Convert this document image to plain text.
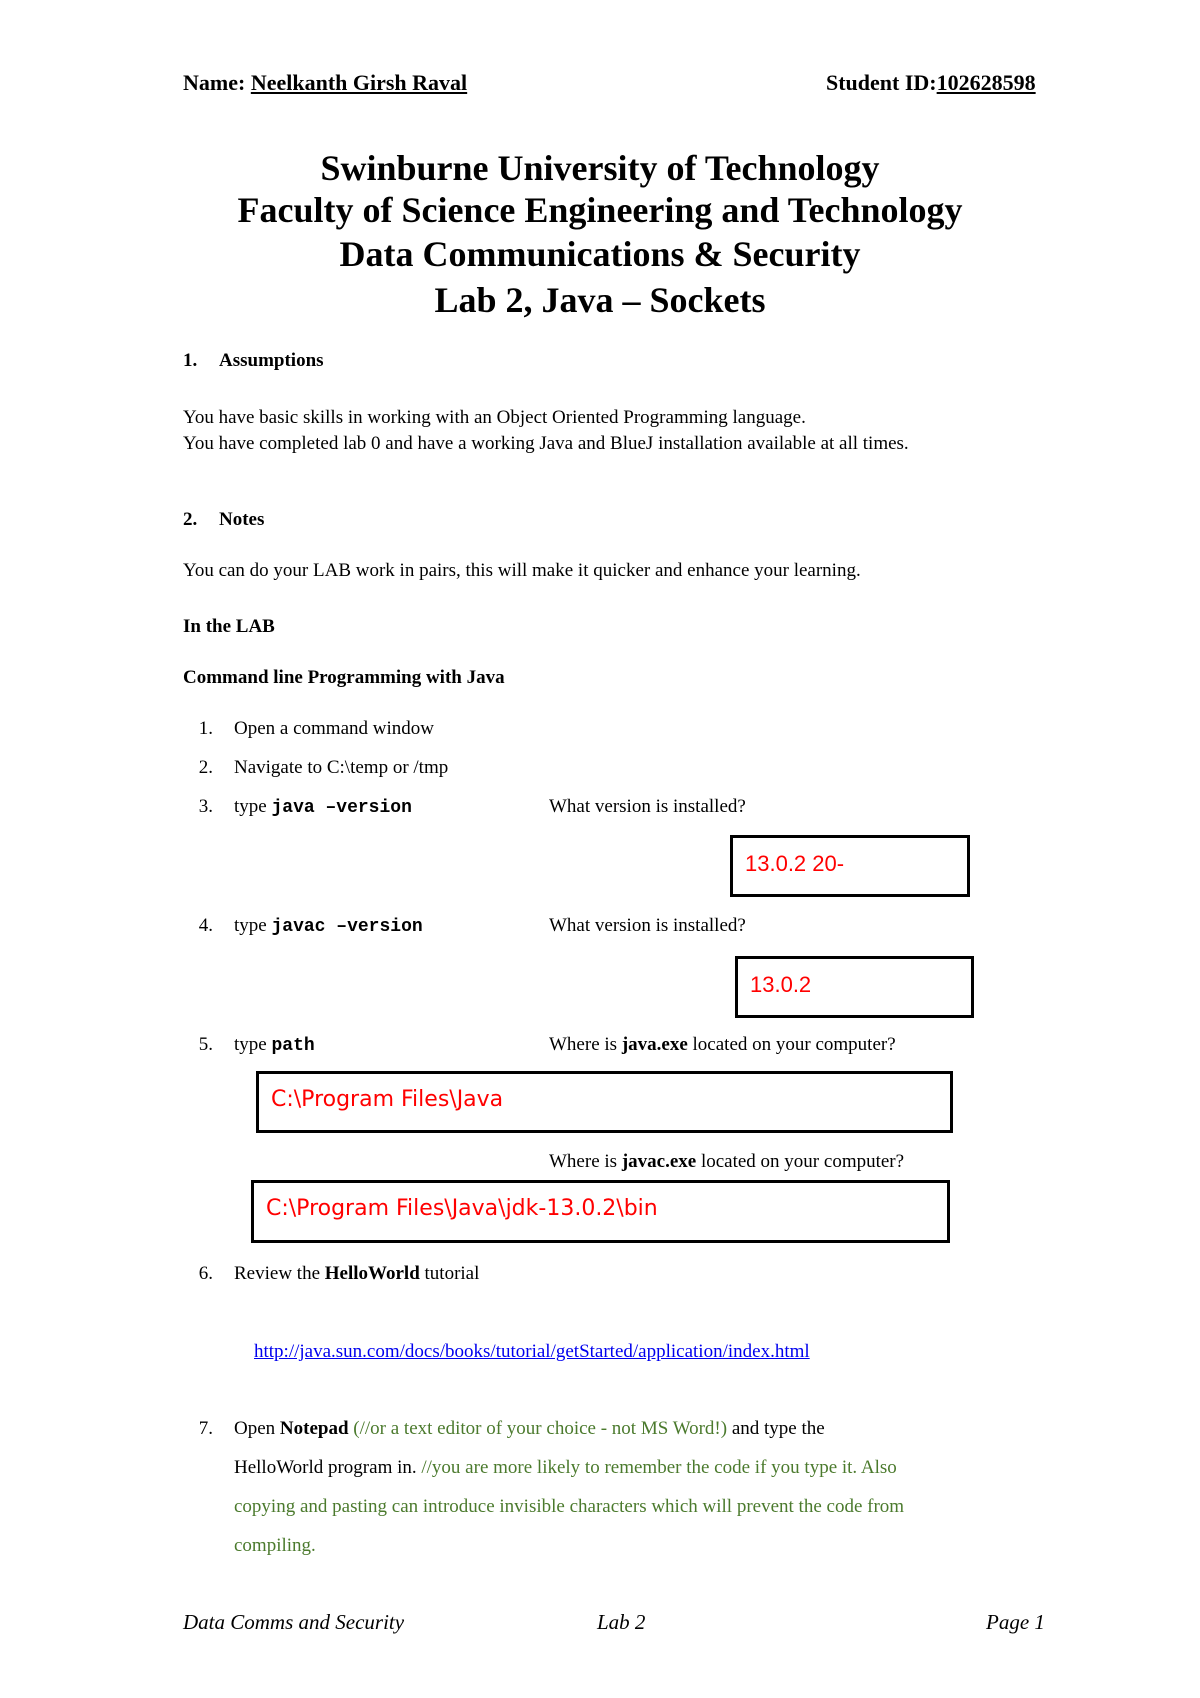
Name: Neelkanth Girsh Raval	Student ID:102628598
Swinburne University of Technology
Faculty of Science Engineering and Technology
Data Communications & Security
Lab 2, Java – Sockets
1. Assumptions
You have basic skills in working with an Object Oriented Programming language.
You have completed lab 0 and have a working Java and BlueJ installation available at all times.
2. Notes
You can do your LAB work in pairs, this will make it quicker and enhance your learning.
In the LAB
Command line Programming with Java
1. Open a command window
2. Navigate to C:\temp or /tmp
3. type java –version	What version is installed?
13.0.2 20-
4. type javac –version	What version is installed?
13.0.2
5. type path	Where is java.exe located on your computer?
C:\Program Files\Java
Where is javac.exe located on your computer?
C:\Program Files\Java\jdk-13.0.2\bin
6. Review the HelloWorld tutorial
http://java.sun.com/docs/books/tutorial/getStarted/application/index.html
7. Open Notepad (//or a text editor of your choice - not MS Word!) and type the
HelloWorld program in. //you are more likely to remember the code if you type it. Also
copying and pasting can introduce invisible characters which will prevent the code from
compiling.
Data Comms and Security	Lab 2	Page 1
